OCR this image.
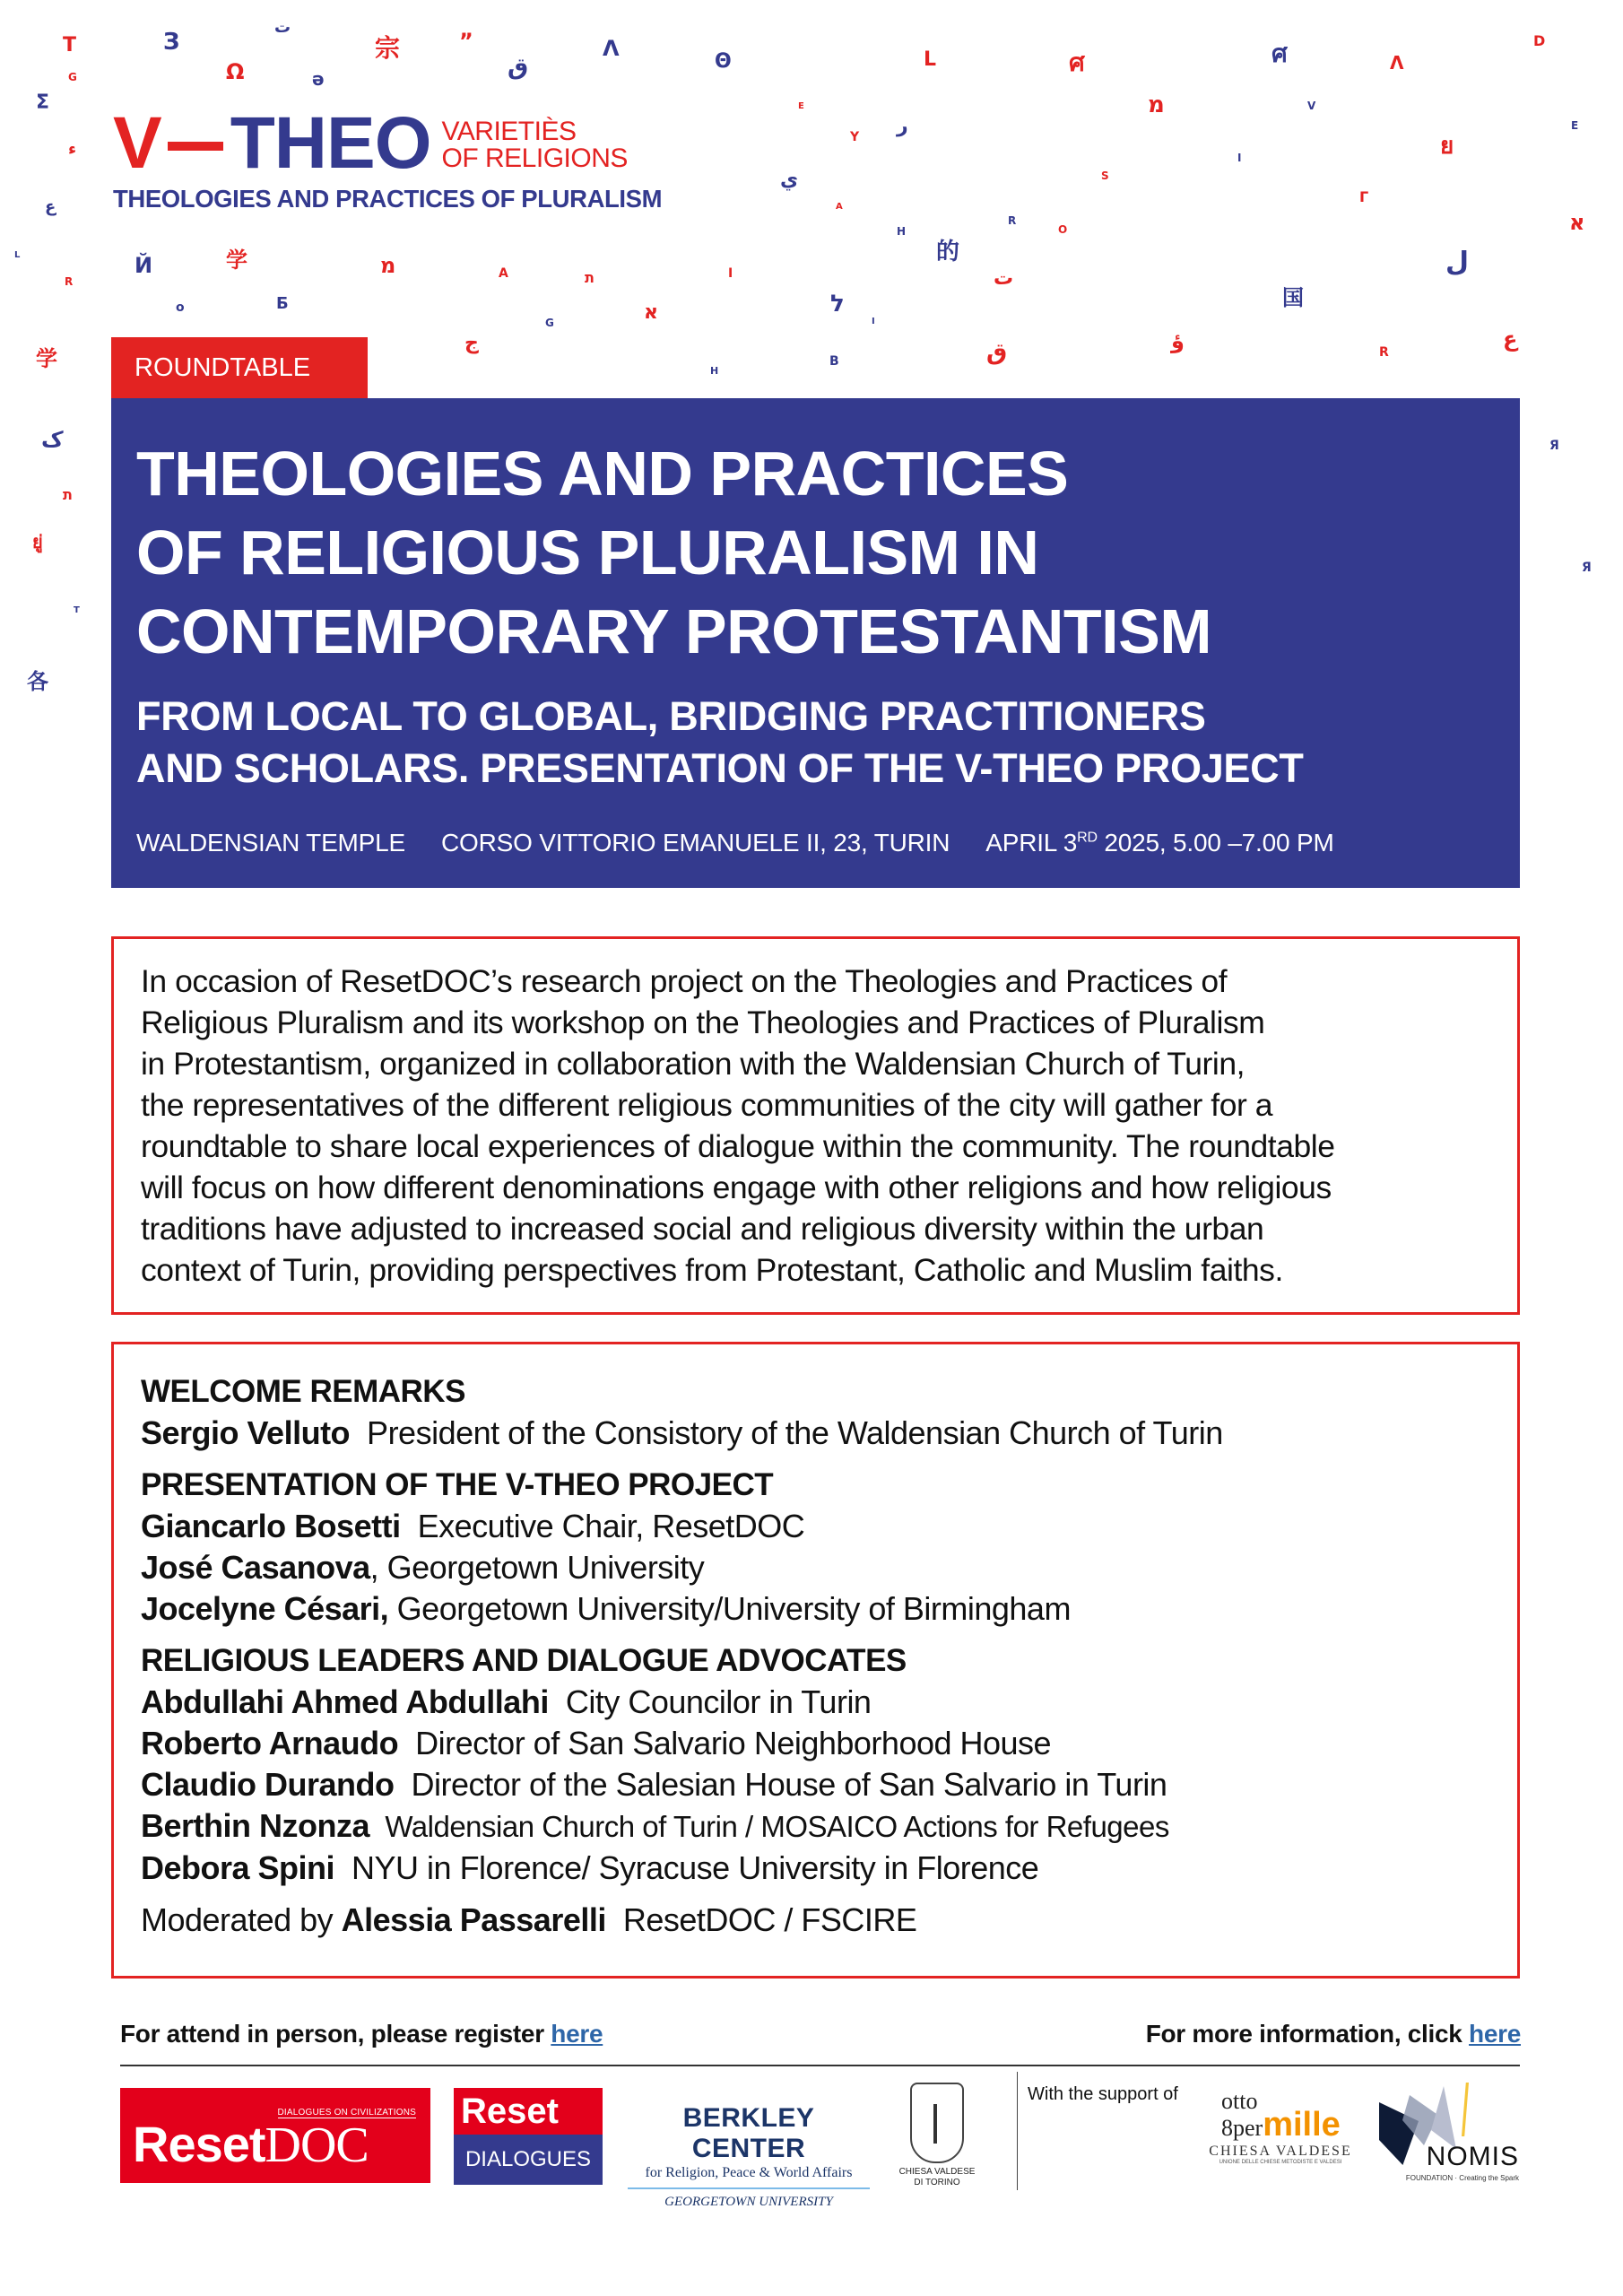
T	З
ت
宗	”	Λ
Θ
G	Ω	ə	ق
Σ	E
ء
ﻱ
ع
L	Й	学	מ	A	ת	I
R
o	Б
G	א	ל
ج
H
B	ق
L	ศ	ศ	Λ
D
מ	V
ر
Y
E
ย
I
S
Γ
A
R
H	O	א
的
ت
ل
国
I
ؤ	R
ع
学
ک
ת
ยู่
T
各
Я
Я
V THEO VARIETIÈS
OF RELIGIONS
THEOLOGIES AND PRACTICES OF PLURALISM
ROUNDTABLE
THEOLOGIES AND PRACTICES
OF RELIGIOUS PLURALISM IN
CONTEMPORARY PROTESTANTISM
FROM LOCAL TO GLOBAL, BRIDGING PRACTITIONERS
AND SCHOLARS. PRESENTATION OF THE V-THEO PROJECT
WALDENSIAN TEMPLE CORSO VITTORIO EMANUELE II, 23, TURIN APRIL 3RD 2025, 5.00 –7.00 PM
In occasion of ResetDOC’s research project on the Theologies and Practices of
Religious Pluralism and its workshop on the Theologies and Practices of Pluralism
in Protestantism, organized in collaboration with the Waldensian Church of Turin,
the representatives of the different religious communities of the city will gather for a
roundtable to share local experiences of dialogue within the community. The roundtable
will focus on how different denominations engage with other religions and how religious
traditions have adjusted to increased social and religious diversity within the urban
context of Turin, providing perspectives from Protestant, Catholic and Muslim faiths.
WELCOME REMARKS
Sergio Velluto  President of the Consistory of the Waldensian Church of Turin
PRESENTATION OF THE V-THEO PROJECT
Giancarlo Bosetti  Executive Chair, ResetDOC
José Casanova, Georgetown University
Jocelyne Césari, Georgetown University/University of Birmingham
RELIGIOUS LEADERS AND DIALOGUE ADVOCATES
Abdullahi Ahmed Abdullahi  City Councilor in Turin
Roberto Arnaudo  Director of San Salvario Neighborhood House
Claudio Durando  Director of the Salesian House of San Salvario in Turin
Berthin Nzonza  Waldensian Church of Turin / MOSAICO Actions for Refugees
Debora Spini  NYU in Florence/ Syracuse University in Florence
Moderated by Alessia Passarelli  ResetDOC / FSCIRE
For attend in person, please register here	For more information, click here
DIALOGUES ON CIVILIZATIONS
ResetDOC
Reset
DIALOGUES
BERKLEY CENTER
for Religion, Peace & World Affairs
GEORGETOWN UNIVERSITY
CHIESA VALDESE
DI TORINO
With the support of	otto
8permille
CHIESA VALDESE
UNIONE DELLE CHIESE METODISTE E VALDESI	NOMIS
FOUNDATION · Creating the Spark
